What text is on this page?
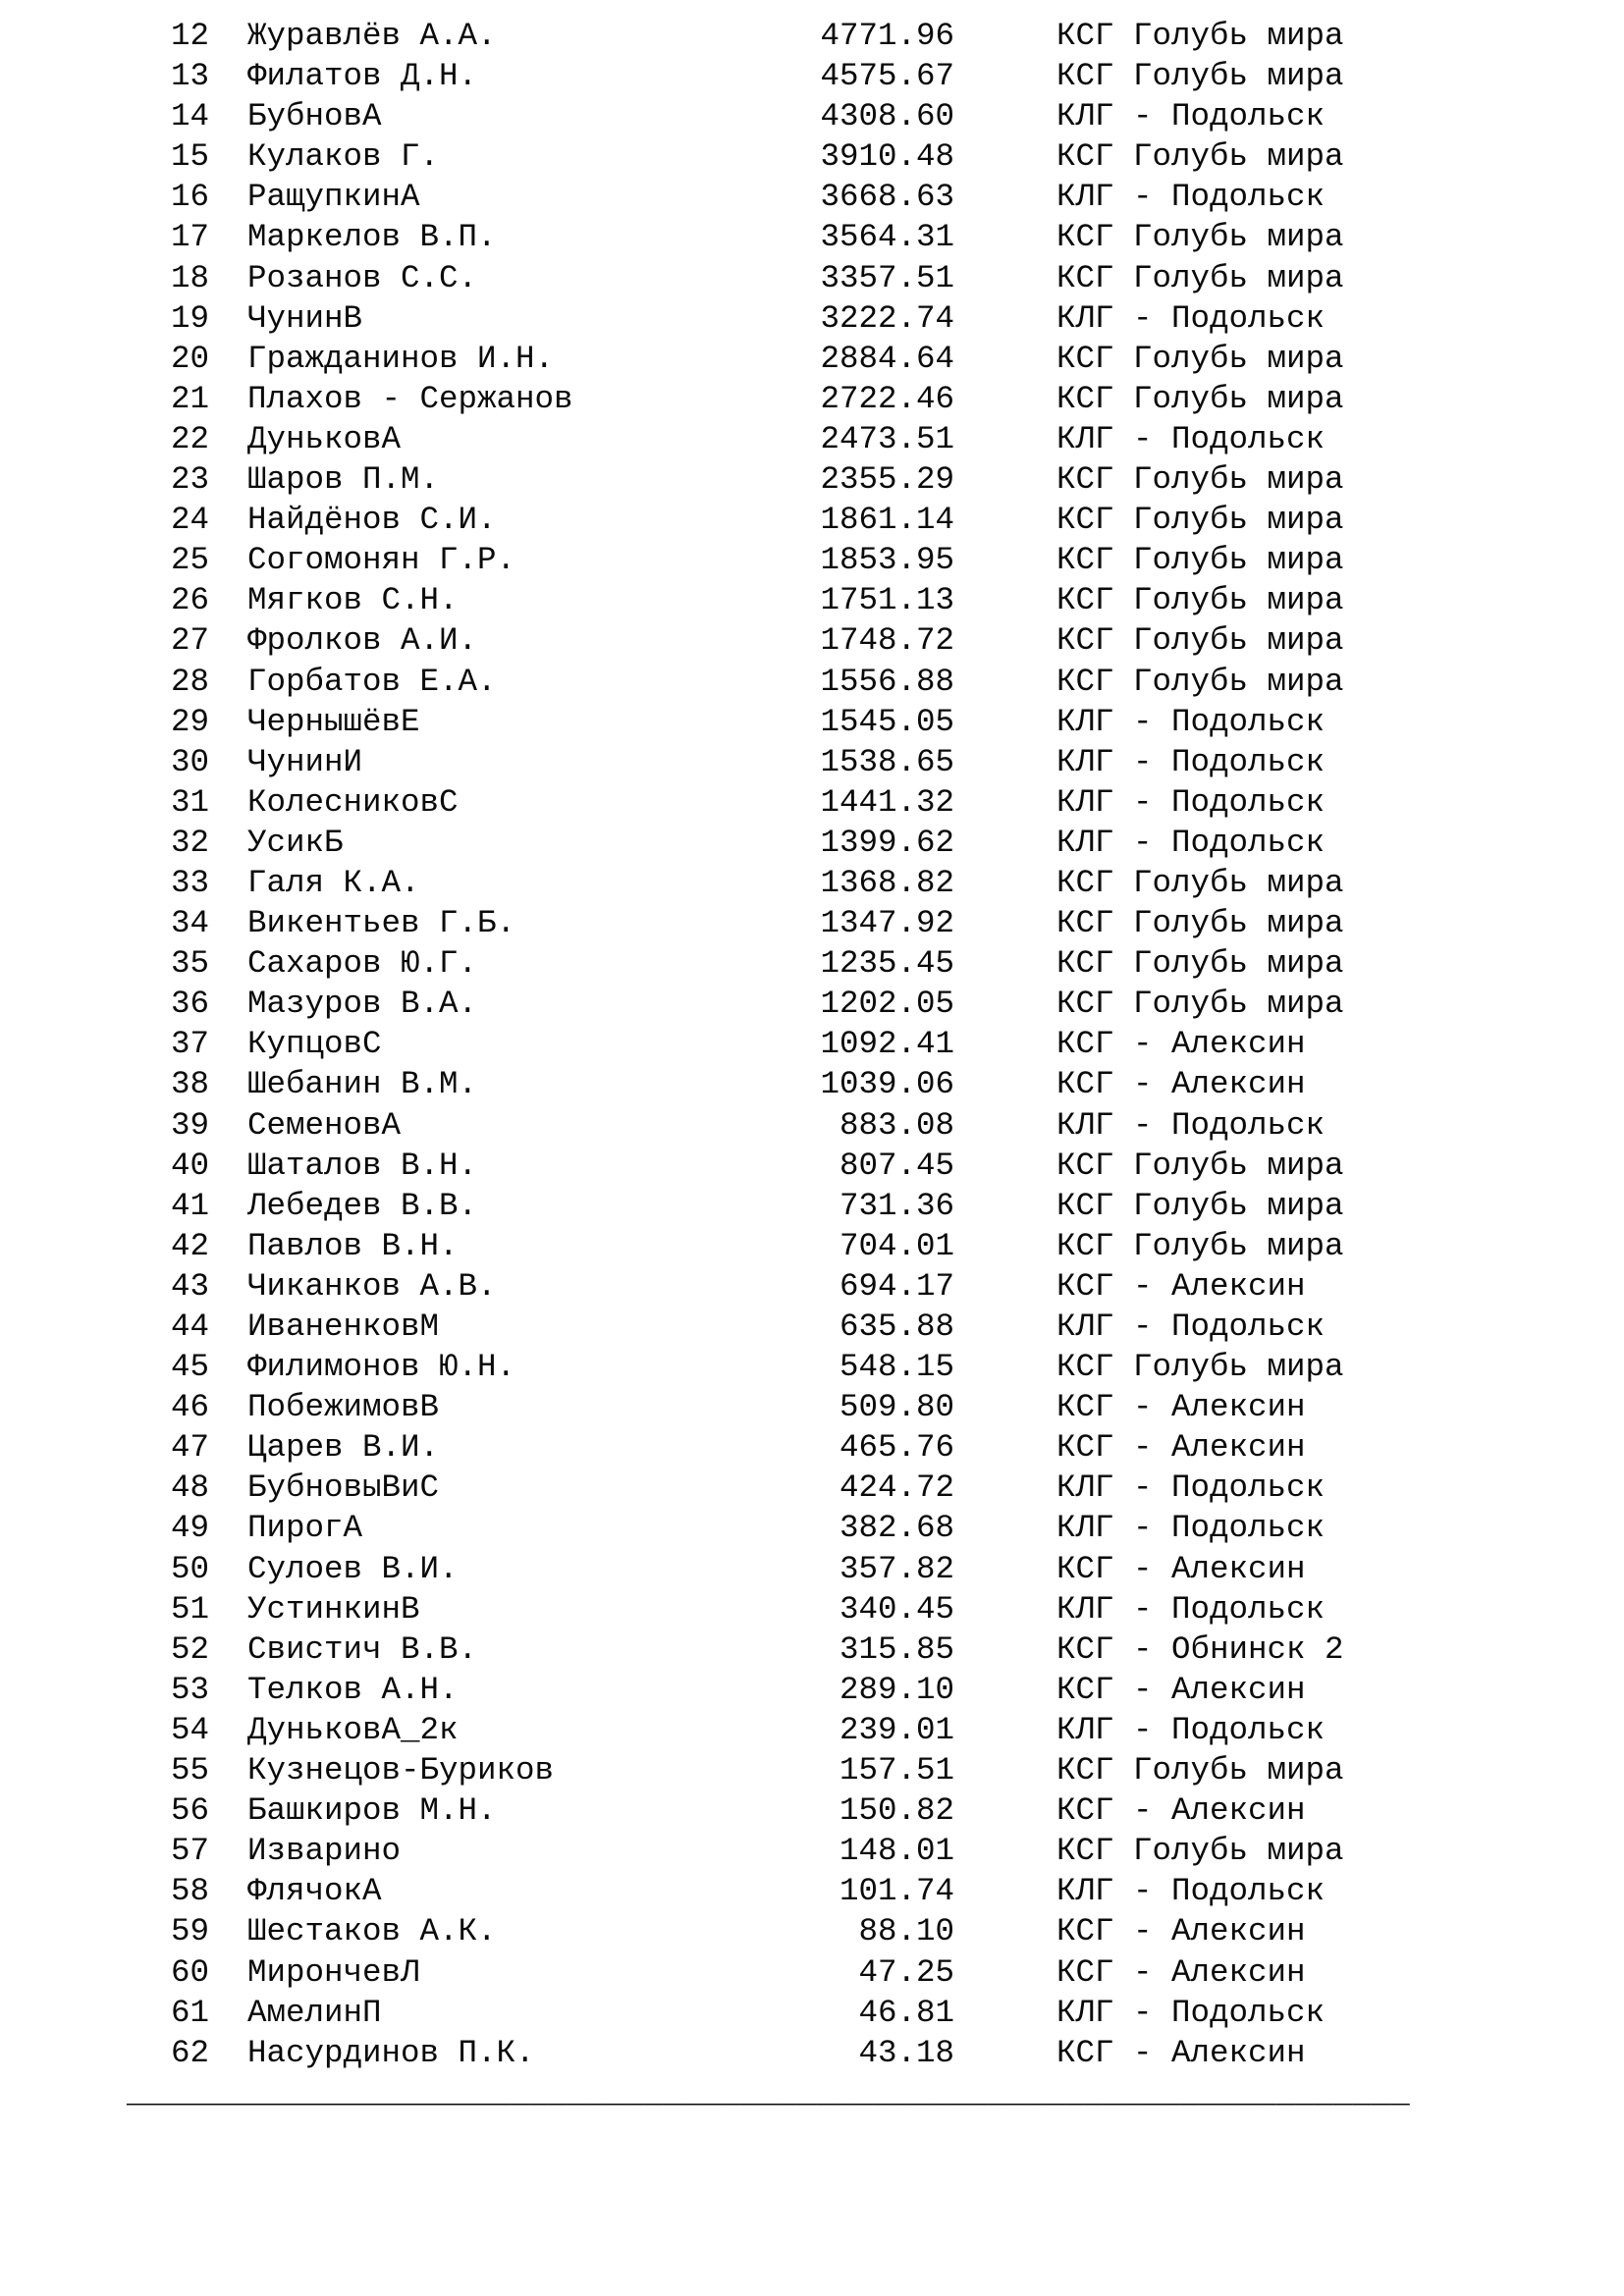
12 Журавлёв А.А.	4771.96	КСГ Голубь мира
13 Филатов Д.Н.	4575.67	КСГ Голубь мира
14 БубновА	4308.60	КЛГ - Подольск
15 Кулаков Г.	3910.48	КСГ Голубь мира
16 РащупкинА	3668.63	КЛГ - Подольск
17 Маркелов В.П.	3564.31	КСГ Голубь мира
18 Розанов С.С.	3357.51	КСГ Голубь мира
19 ЧунинВ	3222.74	КЛГ - Подольск
20 Гражданинов И.Н.	2884.64	КСГ Голубь мира
21 Плахов - Сержанов	2722.46	КСГ Голубь мира
22 ДуньковА	2473.51	КЛГ - Подольск
23 Шаров П.М.	2355.29	КСГ Голубь мира
24 Найдёнов С.И.	1861.14	КСГ Голубь мира
25 Согомонян Г.Р.	1853.95	КСГ Голубь мира
26 Мягков С.Н.	1751.13	КСГ Голубь мира
27 Фролков А.И.	1748.72	КСГ Голубь мира
28 Горбатов Е.А.	1556.88	КСГ Голубь мира
29 ЧернышёвЕ	1545.05	КЛГ - Подольск
30 ЧунинИ	1538.65	КЛГ - Подольск
31 КолесниковС	1441.32	КЛГ - Подольск
32 УсикБ	1399.62	КЛГ - Подольск
33 Галя К.А.	1368.82	КСГ Голубь мира
34 Викентьев Г.Б.	1347.92	КСГ Голубь мира
35 Сахаров Ю.Г.	1235.45	КСГ Голубь мира
36 Мазуров В.А.	1202.05	КСГ Голубь мира
37 КупцовС	1092.41	КСГ - Алексин
38 Шебанин В.М.	1039.06	КСГ - Алексин
39 СеменовА	883.08	КЛГ - Подольск
40 Шаталов В.Н.	807.45	КСГ Голубь мира
41 Лебедев В.В.	731.36	КСГ Голубь мира
42 Павлов В.Н.	704.01	КСГ Голубь мира
43 Чиканков А.В.	694.17	КСГ - Алексин
44 ИваненковМ	635.88	КЛГ - Подольск
45 Филимонов Ю.Н.	548.15	КСГ Голубь мира
46 ПобежимовВ	509.80	КСГ - Алексин
47 Царев В.И.	465.76	КСГ - Алексин
48 БубновыВиС	424.72	КЛГ - Подольск
49 ПирогА	382.68	КЛГ - Подольск
50 Сулоев В.И.	357.82	КСГ - Алексин
51 УстинкинВ	340.45	КЛГ - Подольск
52 Свистич В.В.	315.85	КСГ - Обнинск 2
53 Телков А.Н.	289.10	КСГ - Алексин
54 ДуньковА_2к	239.01	КЛГ - Подольск
55 Кузнецов-Буриков	157.51	КСГ Голубь мира
56 Башкиров М.Н.	150.82	КСГ - Алексин
57 Изварино	148.01	КСГ Голубь мира
58 ФлячокА	101.74	КЛГ - Подольск
59 Шестаков А.К.	88.10	КСГ - Алексин
60 МирончевЛ	47.25	КСГ - Алексин
61 АмелинП	46.81	КЛГ - Подольск
62 Насурдинов П.К.	43.18	КСГ - Алексин
___________________________________________________________________
